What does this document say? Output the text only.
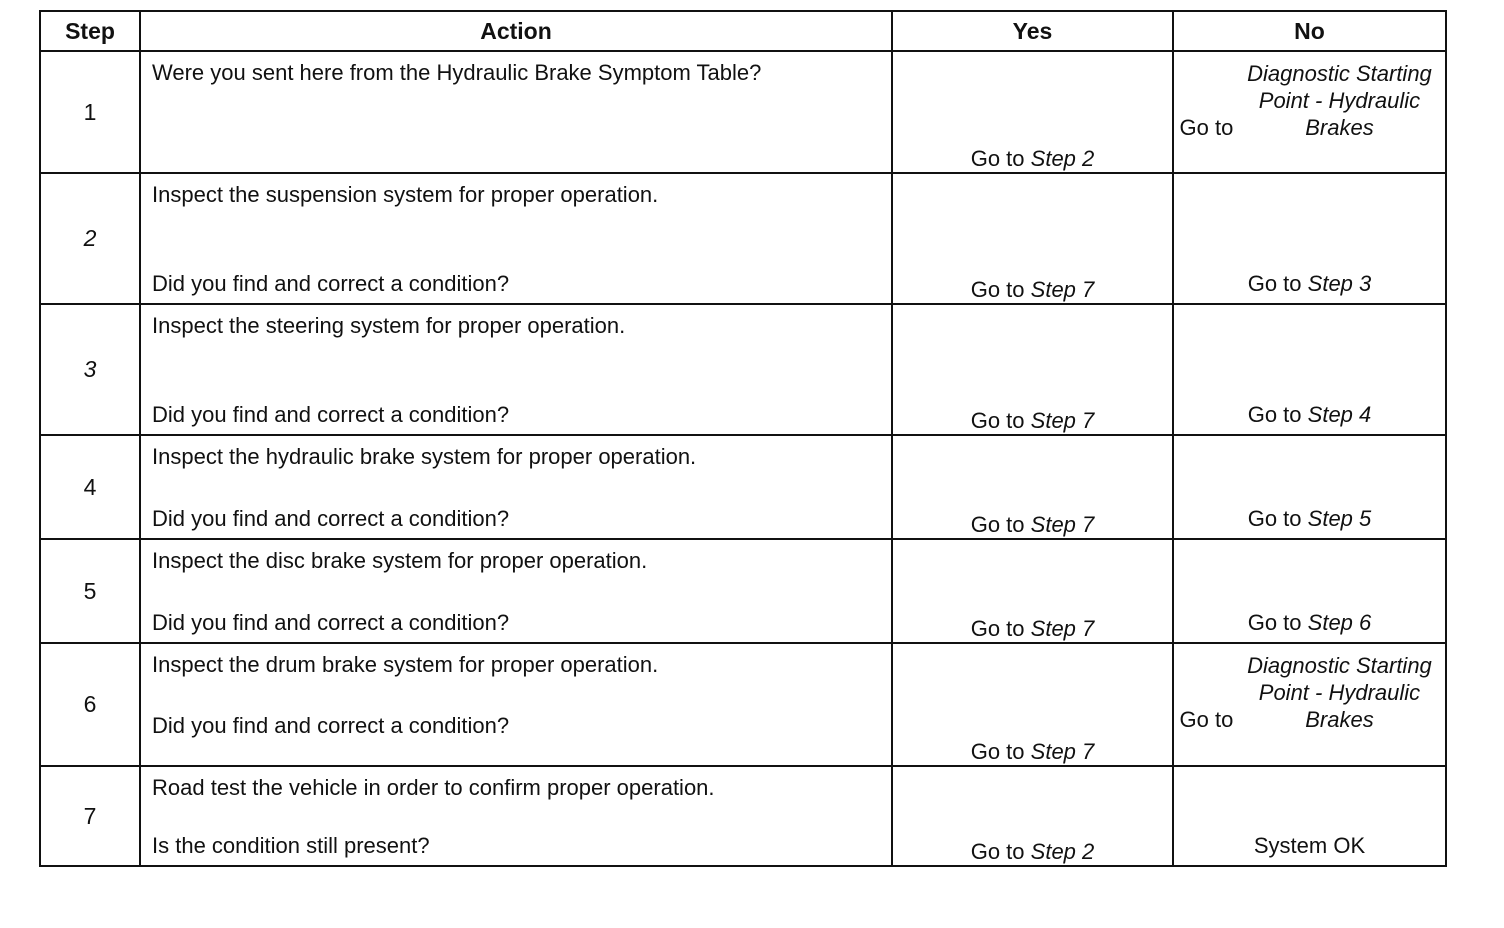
Step	Action	Yes	No
1	Were you sent here from the Hydraulic Brake Symptom Table?	Go to Step 2	Go to Diagnostic Starting Point - Hydraulic Brakes
2	Inspect the suspension system for proper operation.
Did you find and correct a condition?	Go to Step 7	Go to Step 3
3	Inspect the steering system for proper operation.
Did you find and correct a condition?	Go to Step 7	Go to Step 4
4	Inspect the hydraulic brake system for proper operation.
Did you find and correct a condition?	Go to Step 7	Go to Step 5
5	Inspect the disc brake system for proper operation.
Did you find and correct a condition?	Go to Step 7	Go to Step 6
6	Inspect the drum brake system for proper operation.
Did you find and correct a condition?	Go to Step 7	Go to Diagnostic Starting Point - Hydraulic Brakes
7	Road test the vehicle in order to confirm proper operation.
Is the condition still present?	Go to Step 2	System OK
